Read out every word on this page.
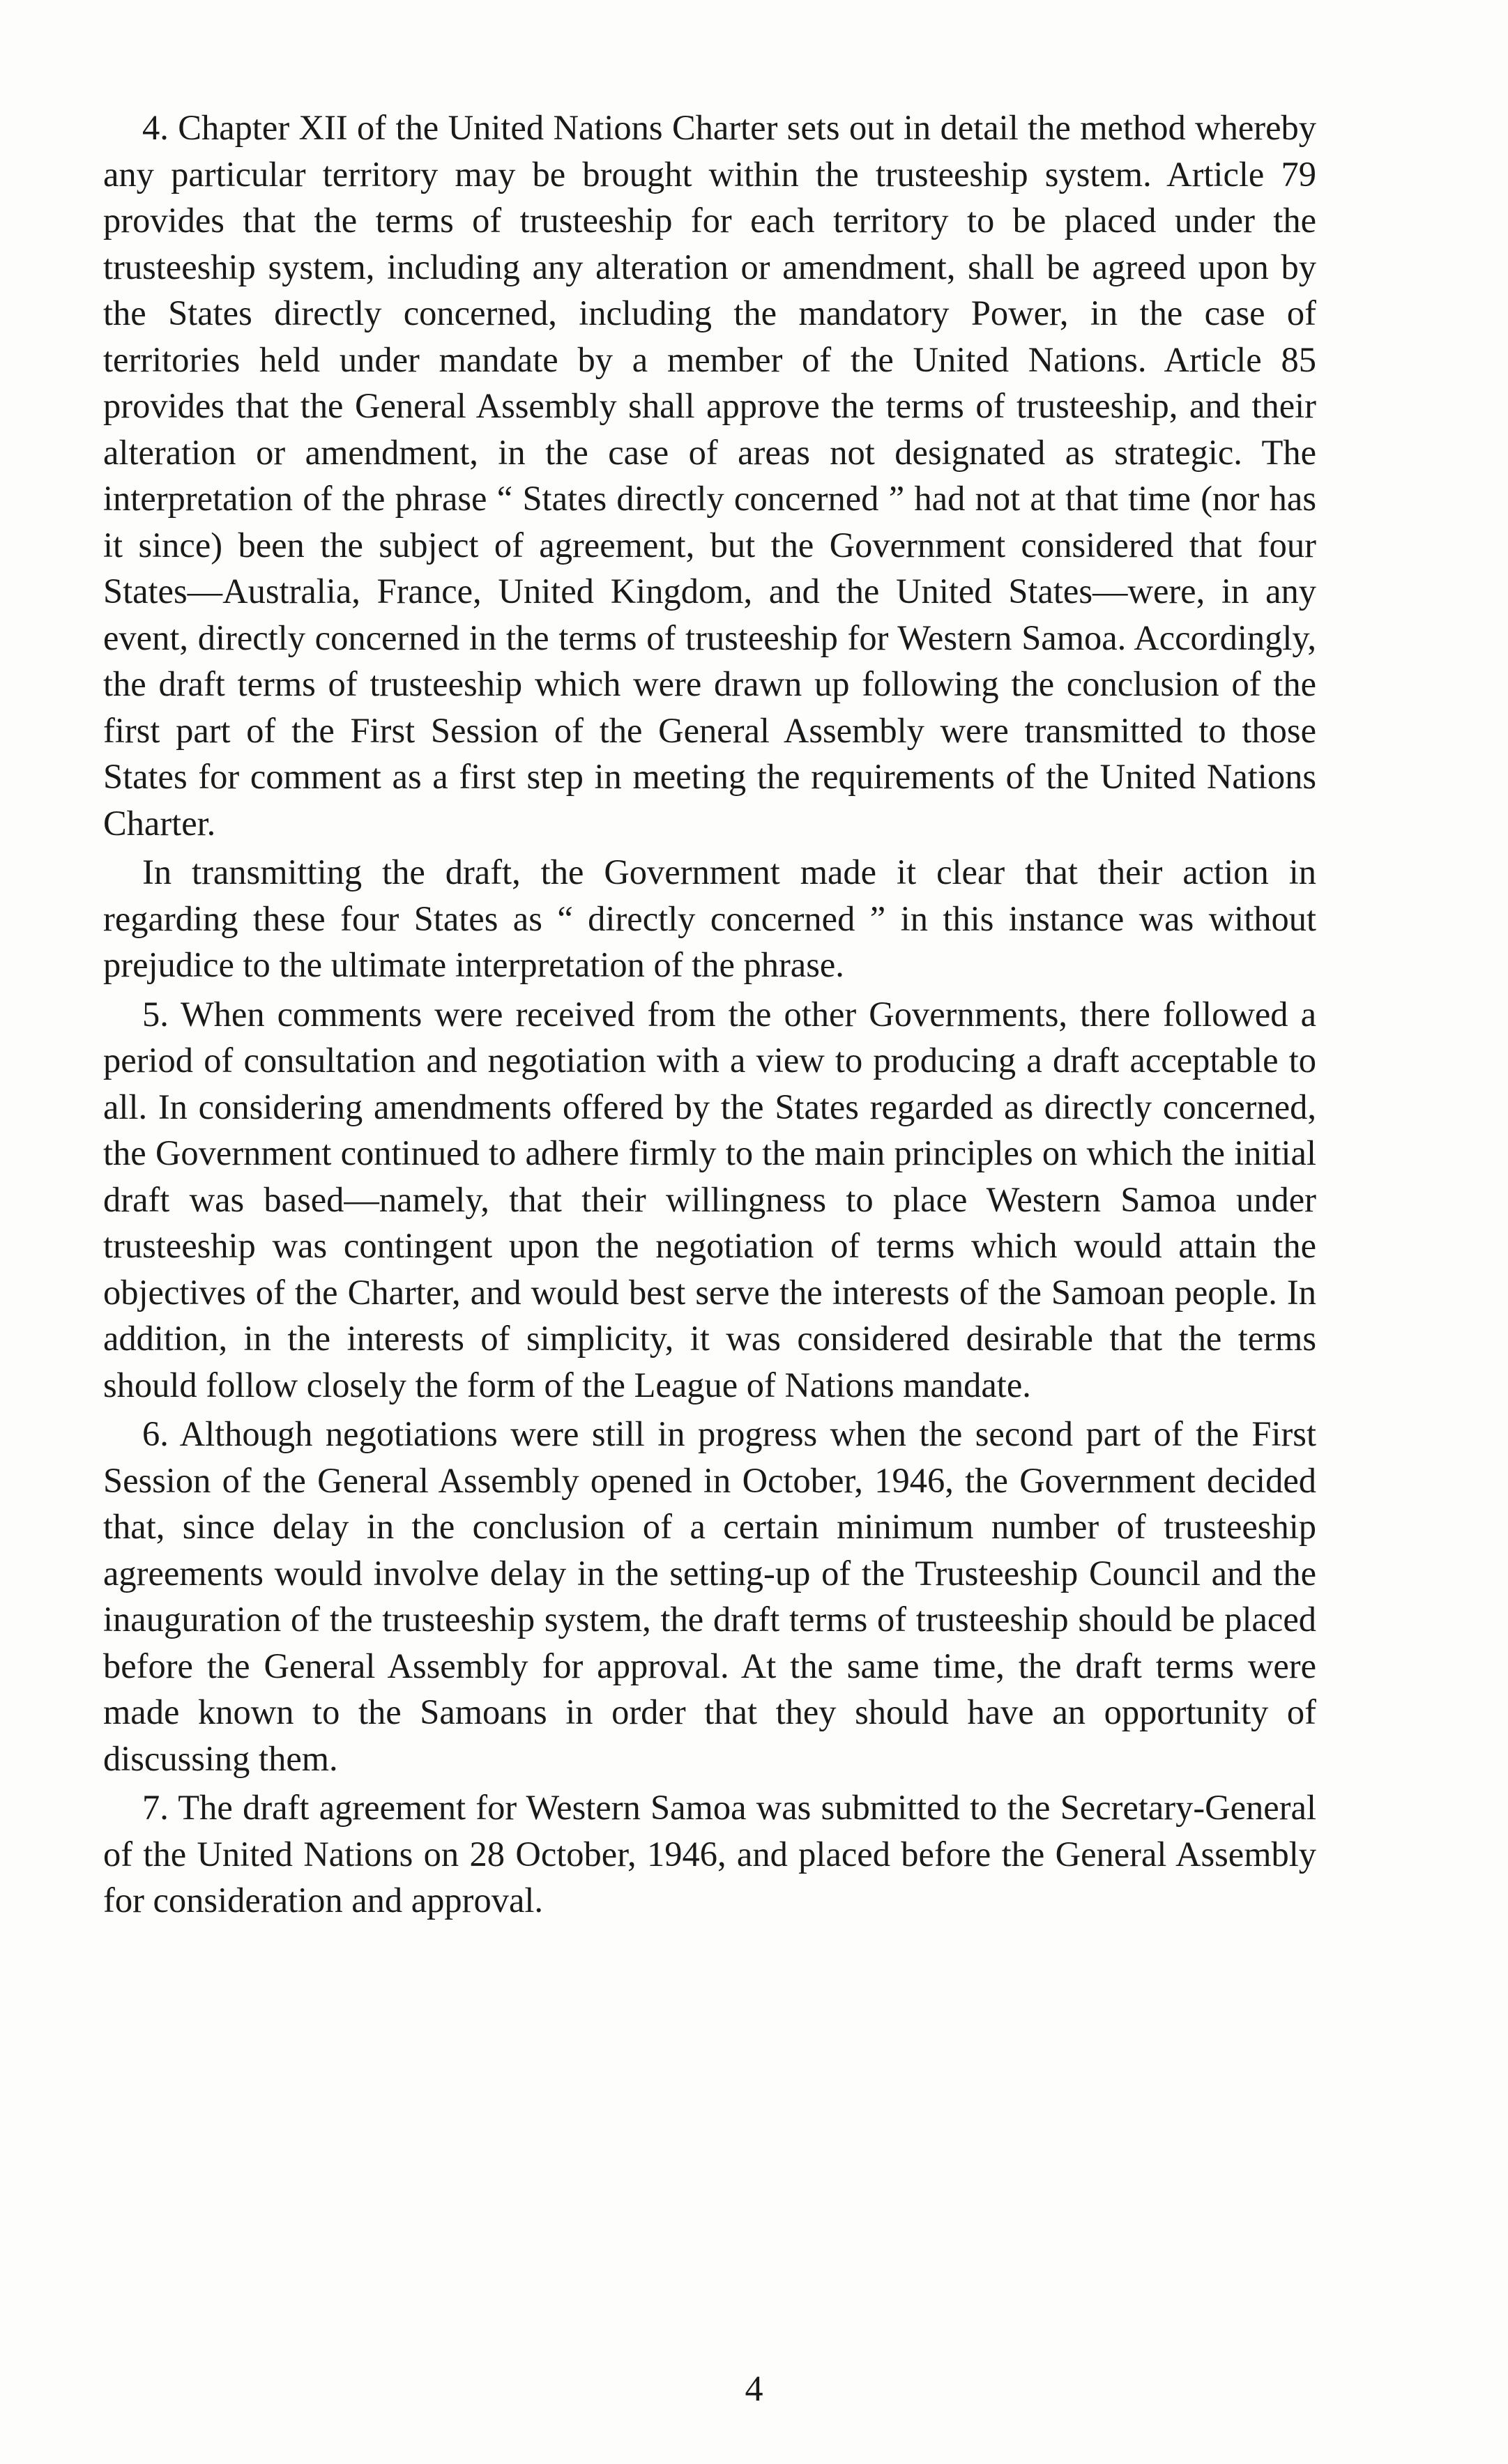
4. Chapter XII of the United Nations Charter sets out in detail the method whereby any particular territory may be brought within the trusteeship system. Article 79 provides that the terms of trusteeship for each territory to be placed under the trusteeship system, including any alteration or amendment, shall be agreed upon by the States directly concerned, including the mandatory Power, in the case of territories held under mandate by a member of the United Nations. Article 85 provides that the General Assembly shall approve the terms of trusteeship, and their alteration or amendment, in the case of areas not designated as strategic. The interpretation of the phrase “ States directly concerned ” had not at that time (nor has it since) been the subject of agreement, but the Government considered that four States—Australia, France, United Kingdom, and the United States—were, in any event, directly concerned in the terms of trusteeship for Western Samoa. Accordingly, the draft terms of trusteeship which were drawn up following the conclusion of the first part of the First Session of the General Assembly were transmitted to those States for comment as a first step in meeting the requirements of the United Nations Charter.

In transmitting the draft, the Government made it clear that their action in regarding these four States as “ directly concerned ” in this instance was without prejudice to the ultimate interpretation of the phrase.

5. When comments were received from the other Governments, there followed a period of consultation and negotiation with a view to producing a draft acceptable to all. In considering amendments offered by the States regarded as directly concerned, the Government continued to adhere firmly to the main principles on which the initial draft was based—namely, that their willingness to place Western Samoa under trusteeship was contingent upon the negotiation of terms which would attain the objectives of the Charter, and would best serve the interests of the Samoan people. In addition, in the interests of simplicity, it was considered desirable that the terms should follow closely the form of the League of Nations mandate.

6. Although negotiations were still in progress when the second part of the First Session of the General Assembly opened in October, 1946, the Government decided that, since delay in the conclusion of a certain minimum number of trusteeship agreements would involve delay in the setting-up of the Trusteeship Council and the inauguration of the trusteeship system, the draft terms of trusteeship should be placed before the General Assembly for approval. At the same time, the draft terms were made known to the Samoans in order that they should have an opportunity of discussing them.

7. The draft agreement for Western Samoa was submitted to the Secretary-General of the United Nations on 28 October, 1946, and placed before the General Assembly for consideration and approval.

4
